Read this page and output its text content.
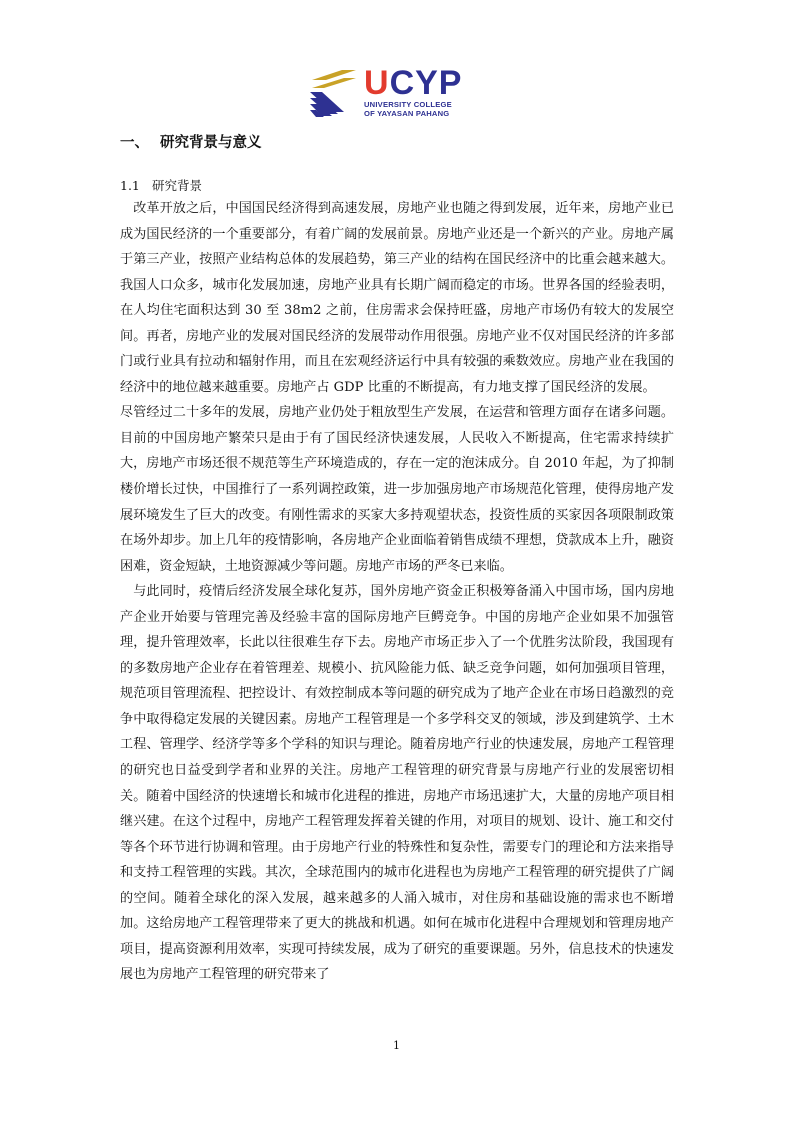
UCYP
UNIVERSITY COLLEGE
OF YAYASAN PAHANG
一、 研究背景与意义
1.1 研究背景

　改革开放之后，中国国民经济得到高速发展，房地产业也随之得到发展，近年来，房地产业已成为国民经济的一个重要部分，有着广阔的发展前景。房地产业还是一个新兴的产业。房地产属于第三产业，按照产业结构总体的发展趋势，第三产业的结构在国民经济中的比重会越来越大。我国人口众多，城市化发展加速，房地产业具有长期广阔而稳定的市场。世界各国的经验表明，在人均住宅面积达到 30 至 38m2 之前，住房需求会保持旺盛，房地产市场仍有较大的发展空间。再者，房地产业的发展对国民经济的发展带动作用很强。房地产业不仅对国民经济的许多部门或行业具有拉动和辐射作用，而且在宏观经济运行中具有较强的乘数效应。房地产业在我国的经济中的地位越来越重要。房地产占 GDP 比重的不断提高，有力地支撑了国民经济的发展。

尽管经过二十多年的发展，房地产业仍处于粗放型生产发展，在运营和管理方面存在诸多问题。目前的中国房地产繁荣只是由于有了国民经济快速发展，人民收入不断提高，住宅需求持续扩大，房地产市场还很不规范等生产环境造成的，存在一定的泡沫成分。自 2010 年起，为了抑制楼价增长过快，中国推行了一系列调控政策，进一步加强房地产市场规范化管理，使得房地产发展环境发生了巨大的改变。有刚性需求的买家大多持观望状态，投资性质的买家因各项限制政策在场外却步。加上几年的疫情影响，各房地产企业面临着销售成绩不理想，贷款成本上升，融资困难，资金短缺，土地资源减少等问题。房地产市场的严冬已来临。

　与此同时，疫情后经济发展全球化复苏，国外房地产资金正积极筹备涌入中国市场，国内房地产企业开始要与管理完善及经验丰富的国际房地产巨鳄竞争。中国的房地产企业如果不加强管理，提升管理效率，长此以往很难生存下去。房地产市场正步入了一个优胜劣汰阶段，我国现有的多数房地产企业存在着管理差、规模小、抗风险能力低、缺乏竞争问题，如何加强项目管理，规范项目管理流程、把控设计、有效控制成本等问题的研究成为了地产企业在市场日趋激烈的竞争中取得稳定发展的关键因素。房地产工程管理是一个多学科交叉的领域，涉及到建筑学、土木工程、管理学、经济学等多个学科的知识与理论。随着房地产行业的快速发展，房地产工程管理的研究也日益受到学者和业界的关注。房地产工程管理的研究背景与房地产行业的发展密切相关。随着中国经济的快速增长和城市化进程的推进，房地产市场迅速扩大，大量的房地产项目相继兴建。在这个过程中，房地产工程管理发挥着关键的作用，对项目的规划、设计、施工和交付等各个环节进行协调和管理。由于房地产行业的特殊性和复杂性，需要专门的理论和方法来指导和支持工程管理的实践。其次，全球范围内的城市化进程也为房地产工程管理的研究提供了广阔的空间。随着全球化的深入发展，越来越多的人涌入城市，对住房和基础设施的需求也不断增加。这给房地产工程管理带来了更大的挑战和机遇。如何在城市化进程中合理规划和管理房地产项目，提高资源利用效率，实现可持续发展，成为了研究的重要课题。另外，信息技术的快速发展也为房地产工程管理的研究带来了

1
